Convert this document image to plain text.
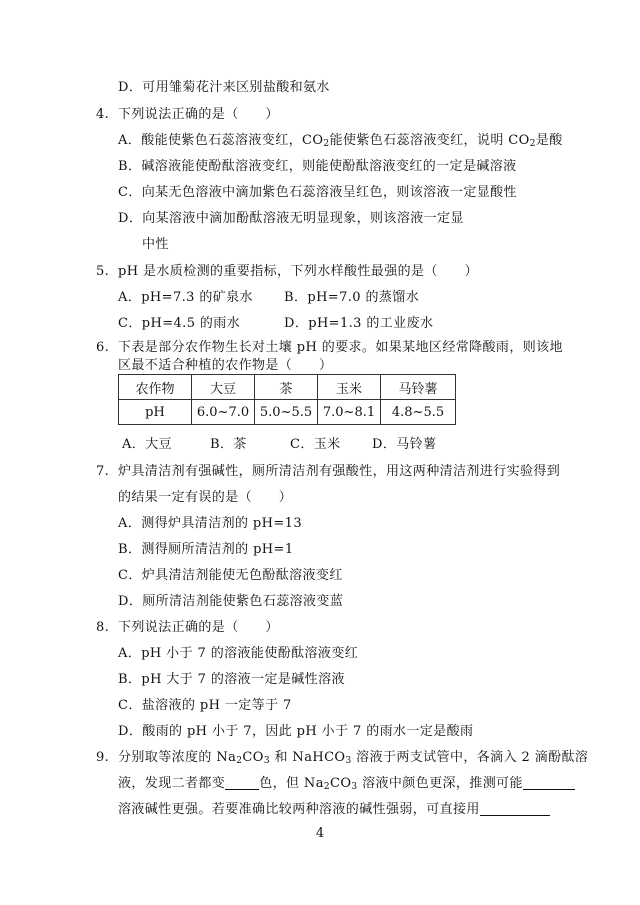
D．可用雏菊花汁来区别盐酸和氨水
4. 下列说法正确的是（　　）
A．酸能使紫色石蕊溶液变红，$CO_2$能使紫色石蕊溶液变红，说明 $CO_2$是酸
B．碱溶液能使酚酞溶液变红，则能使酚酞溶液变红的一定是碱溶液
C．向某无色溶液中滴加紫色石蕊溶液呈红色，则该溶液一定显酸性
D．向某溶液中滴加酚酞溶液无明显现象，则该溶液一定显
中性
5. pH 是水质检测的重要指标，下列水样酸性最强的是（　　）
A．pH=7.3 的矿泉水 B．pH=7.0 的蒸馏水
C．pH=4.5 的雨水	D．pH=1.3 的工业废水
6. 下表是部分农作物生长对土壤 pH 的要求。如果某地区经常降酸雨，则该地
区最不适合种植的农作物是（　　）
农作物	大豆	茶	玉米	马铃薯
pH	6.0~7.0	5.0~5.5	7.0~8.1	4.8~5.5
A．大豆	B．茶	C．玉米 D．马铃薯
7. 炉具清洁剂有强碱性，厕所清洁剂有强酸性，用这两种清洁剂进行实验得到
的结果一定有误的是（　　）
A．测得炉具清洁剂的 pH=13
B．测得厕所清洁剂的 pH=1
C．炉具清洁剂能使无色酚酞溶液变红
D．厕所清洁剂能使紫色石蕊溶液变蓝
8. 下列说法正确的是（　　）
A．pH 小于 7 的溶液能使酚酞溶液变红
B．pH 大于 7 的溶液一定是碱性溶液
C．盐溶液的 pH 一定等于 7
D．酸雨的 pH 小于 7，因此 pH 小于 7 的雨水一定是酸雨
9. 分别取等浓度的 $Na_2CO_3$ 和 NaHCO$_3$ 溶液于两支试管中，各滴入 2 滴酚酞溶
液，发现二者都变	色，但 $Na_2CO_3$ 溶液中颜色更深，推测可能
溶液碱性更强。若要准确比较两种溶液的碱性强弱，可直接用
4
